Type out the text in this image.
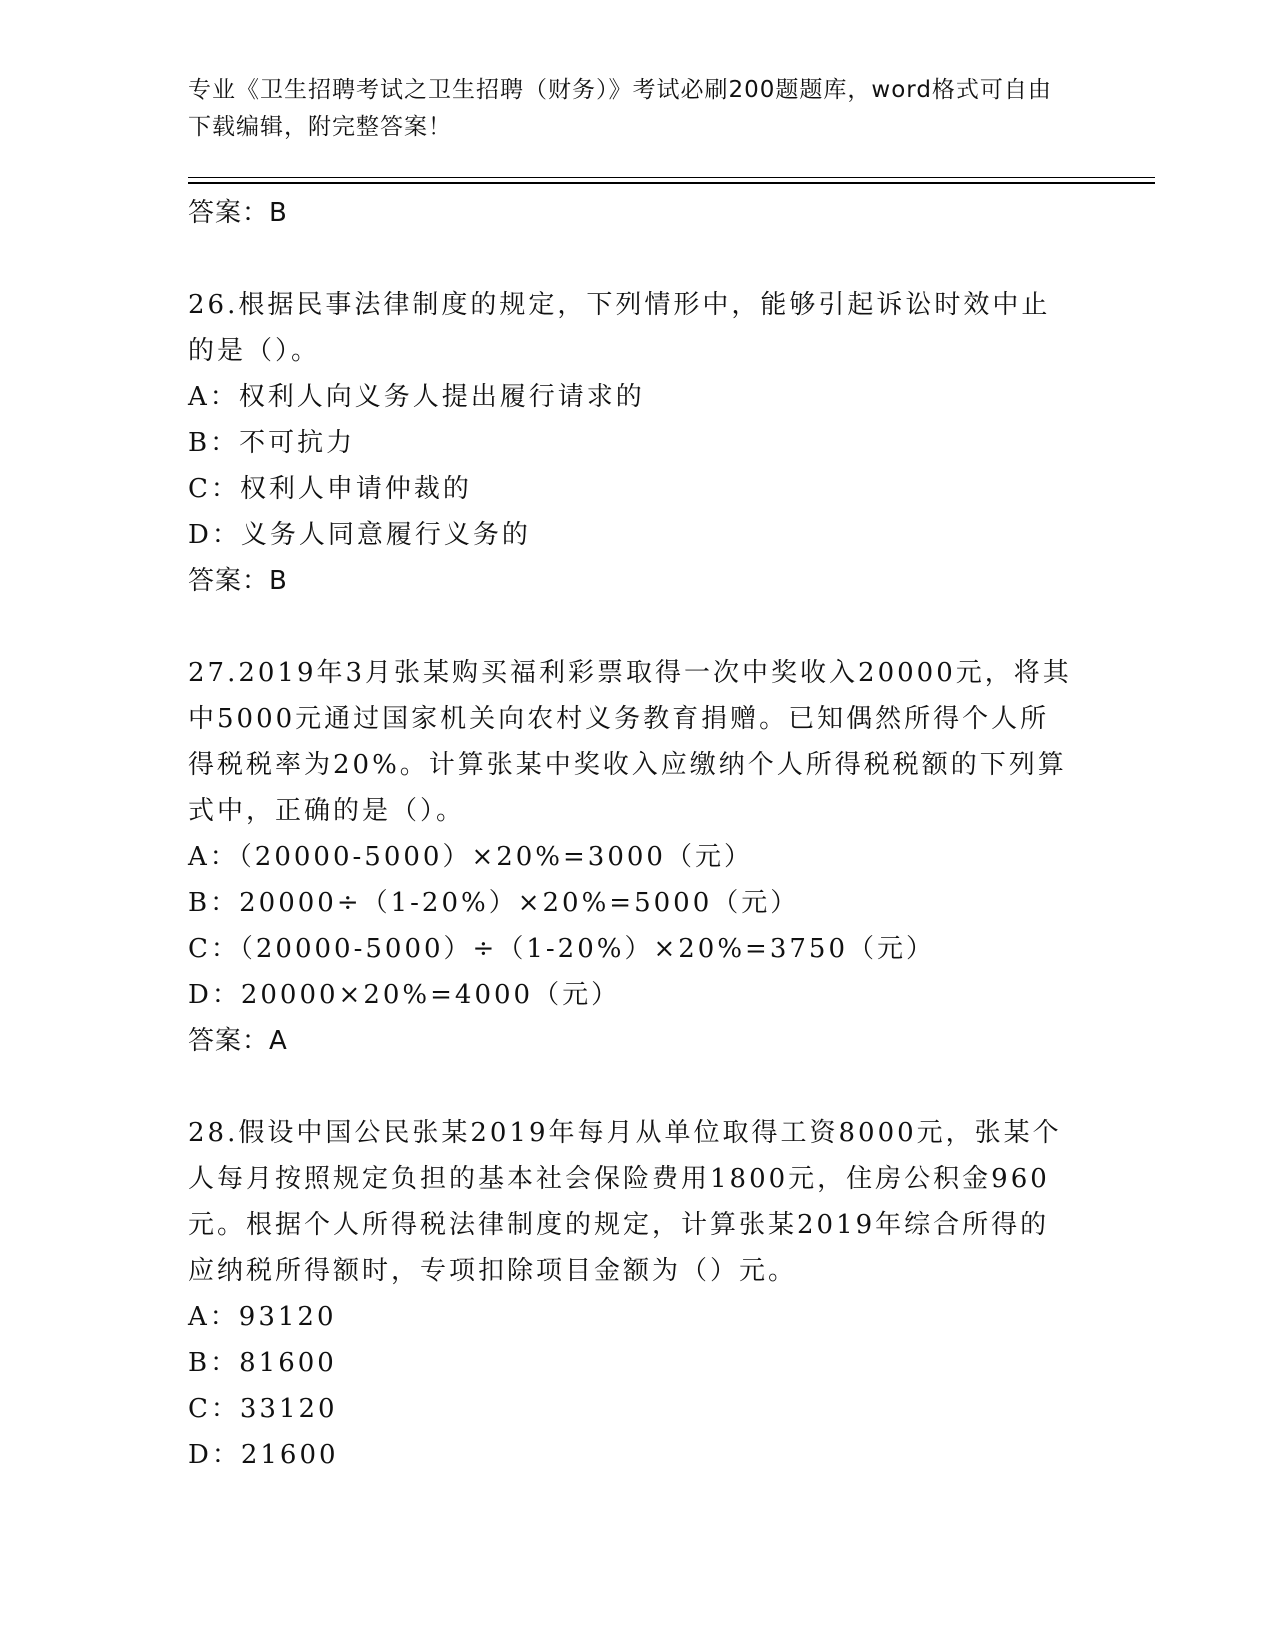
专业《卫生招聘考试之卫生招聘（财务）》考试必刷200题题库，word格式可自由下载编辑，附完整答案！
答案：B
26.根据民事法律制度的规定，下列情形中，能够引起诉讼时效中止的是（）。
A：权利人向义务人提出履行请求的
B：不可抗力
C：权利人申请仲裁的
D：义务人同意履行义务的
答案：B
27.2019年3月张某购买福利彩票取得一次中奖收入20000元，将其中5000元通过国家机关向农村义务教育捐赠。已知偶然所得个人所得税税率为20%。计算张某中奖收入应缴纳个人所得税税额的下列算式中，正确的是（）。
A：（20000-5000）×20%=3000（元）
B：20000÷（1-20%）×20%=5000（元）
C：（20000-5000）÷（1-20%）×20%=3750（元）
D：20000×20%=4000（元）
答案：A
28.假设中国公民张某2019年每月从单位取得工资8000元，张某个人每月按照规定负担的基本社会保险费用1800元，住房公积金960元。根据个人所得税法律制度的规定，计算张某2019年综合所得的应纳税所得额时，专项扣除项目金额为（）元。
A：93120
B：81600
C：33120
D：21600
